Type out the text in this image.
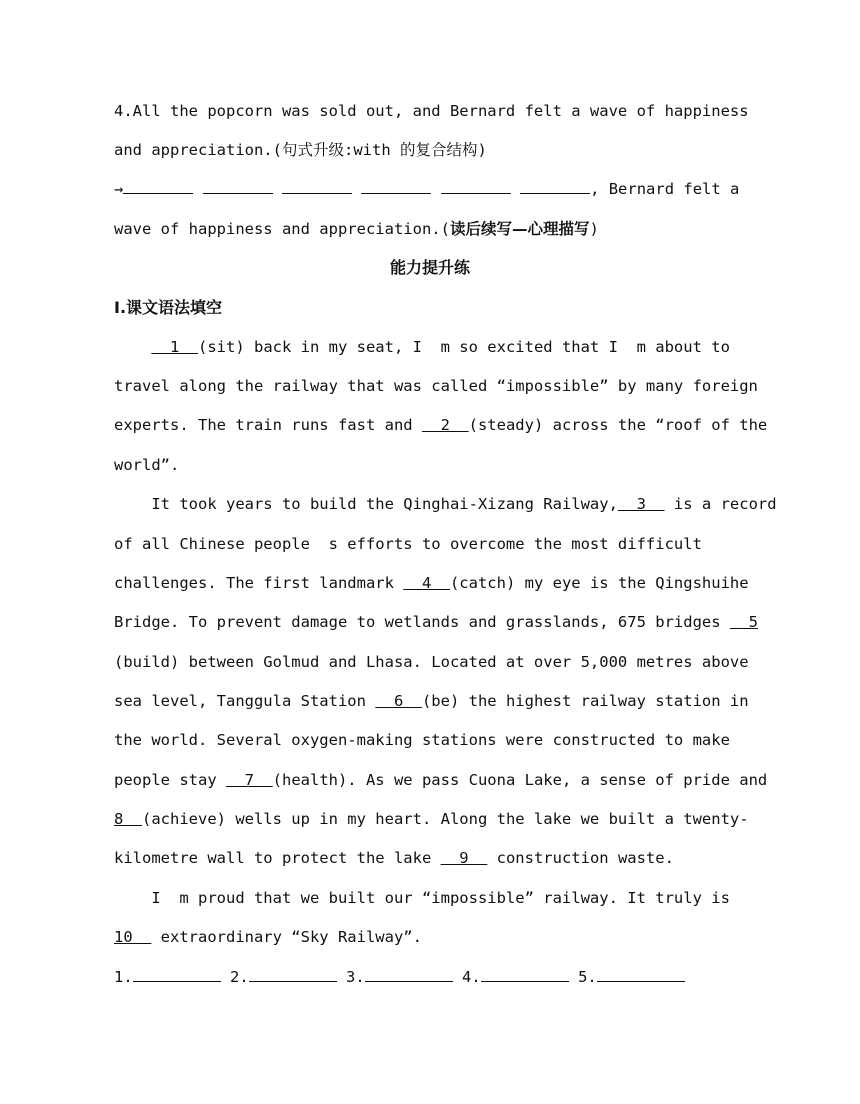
4.All the popcorn was sold out, and Bernard felt a wave of happiness
and appreciation.(句式升级:with 的复合结构)
→	, Bernard felt a
wave of happiness and appreciation.(读后续写—心理描写)
能力提升练
Ⅰ.课文语法填空
1  (sit) back in my seat, I  m so excited that I  m about to
travel along the railway that was called “impossible” by many foreign
experts. The train runs fast and   2  (steady) across the “roof of the
world”.
It took years to build the Qinghai-Xizang Railway,  3   is a record
of all Chinese people  s efforts to overcome the most difficult
challenges. The first landmark   4  (catch) my eye is the Qingshuihe
Bridge. To prevent damage to wetlands and grasslands, 675 bridges   5
(build) between Golmud and Lhasa. Located at over 5,000 metres above
sea level, Tanggula Station   6  (be) the highest railway station in
the world. Several oxygen-making stations were constructed to make
people stay   7  (health). As we pass Cuona Lake, a sense of pride and
8  (achieve) wells up in my heart. Along the lake we built a twenty-
kilometre wall to protect the lake   9   construction waste.
I  m proud that we built our “impossible” railway. It truly is
10   extraordinary “Sky Railway”.
1.	2.	3.	4.	5.
